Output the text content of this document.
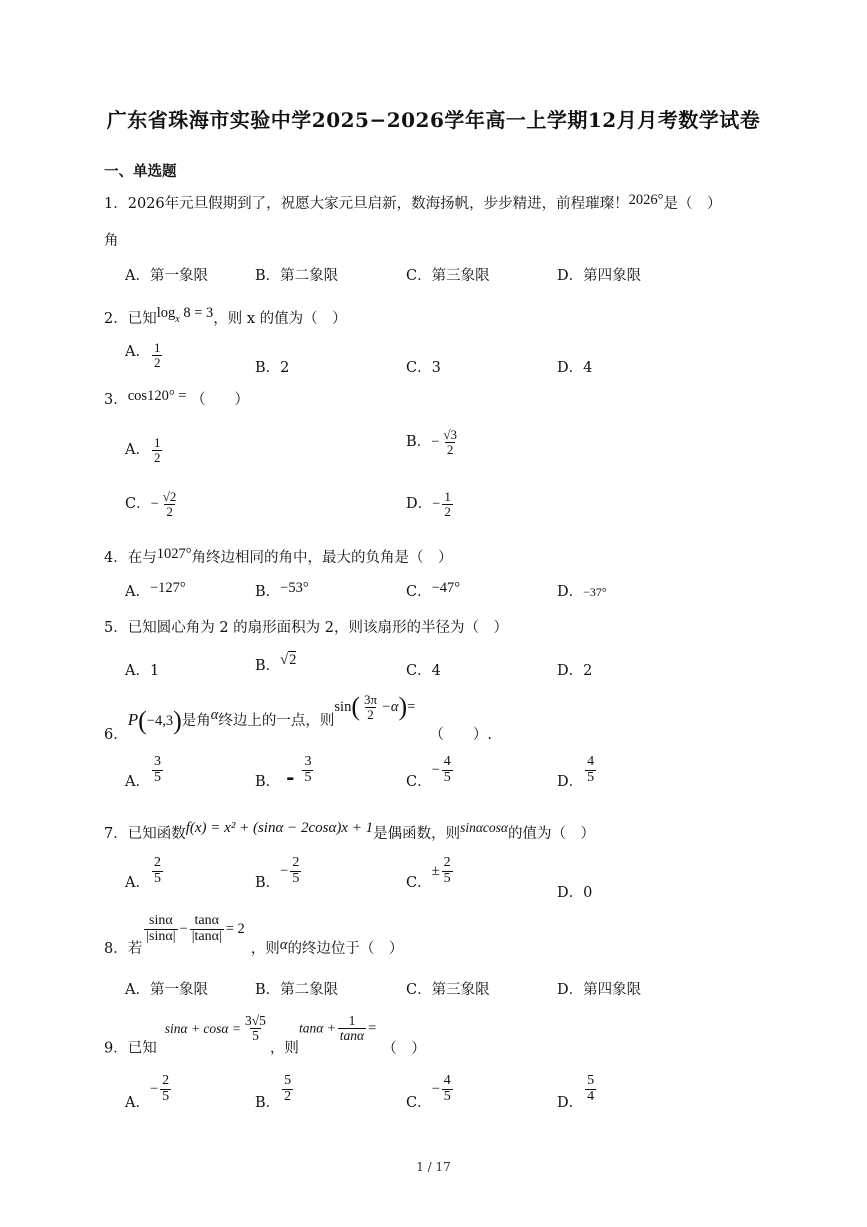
广东省珠海市实验中学2025−2026学年高一上学期12月月考数学试卷
一、单选题
1．2026年元旦假期到了，祝愿大家元旦启新，数海扬帆，步步精进，前程璀璨！2026°是（　）
角
A．第一象限	B．第二象限	C．第三象限	D．第四象限
2．已知logx 8 = 3，则 x 的值为（　）
A． $\frac{1}{2}$	B．2	C．3	D．4
3．cos120° = （　　）
A． $\frac{1}{2}$	B．− $\frac{√3}{2}$
C．− $\frac{√2}{2}$	D．− $\frac{1}{2}$
4．在与1027°角终边相同的角中，最大的负角是（　）
A．−127°	B．−53°	C．−47°	D．−37°
5．已知圆心角为 2 的扇形面积为 2，则该扇形的半径为（　）
A．1	B．√2
C．4	D．2
6．P(−4,3)是角α终边上的一点，则$\sin( \frac{3\pi}{2} -\alpha)=$（　　）.
A． $\frac{3}{5}$	B． - $\frac{3}{5}$	C．− $\frac{4}{5}$	D． $\frac{4}{5}$
7．已知函数f(x) = x² + (sinα − 2cosα)x + 1是偶函数，则sinαcosα的值为（　）
A． $\frac{2}{5}$	B．− $\frac{2}{5}$	C．± $\frac{2}{5}$
D．0
8．若
$\frac{\sin\alpha}{|\sin\alpha|} - \frac{\tan\alpha}{|\tan\alpha|} = 2$，则α的终边位于（　）
A．第一象限	B．第二象限	C．第三象限	D．第四象限
9．已知$\sin\alpha + \cos\alpha = \frac{3√5}{5}$
，则$\tan\alpha + \frac{1}{\tan\alpha}$ =（　）
A．− $\frac{2}{5}$	B． $\frac{5}{2}$	C．− $\frac{4}{5}$	D． $\frac{5}{4}$
1 / 17
